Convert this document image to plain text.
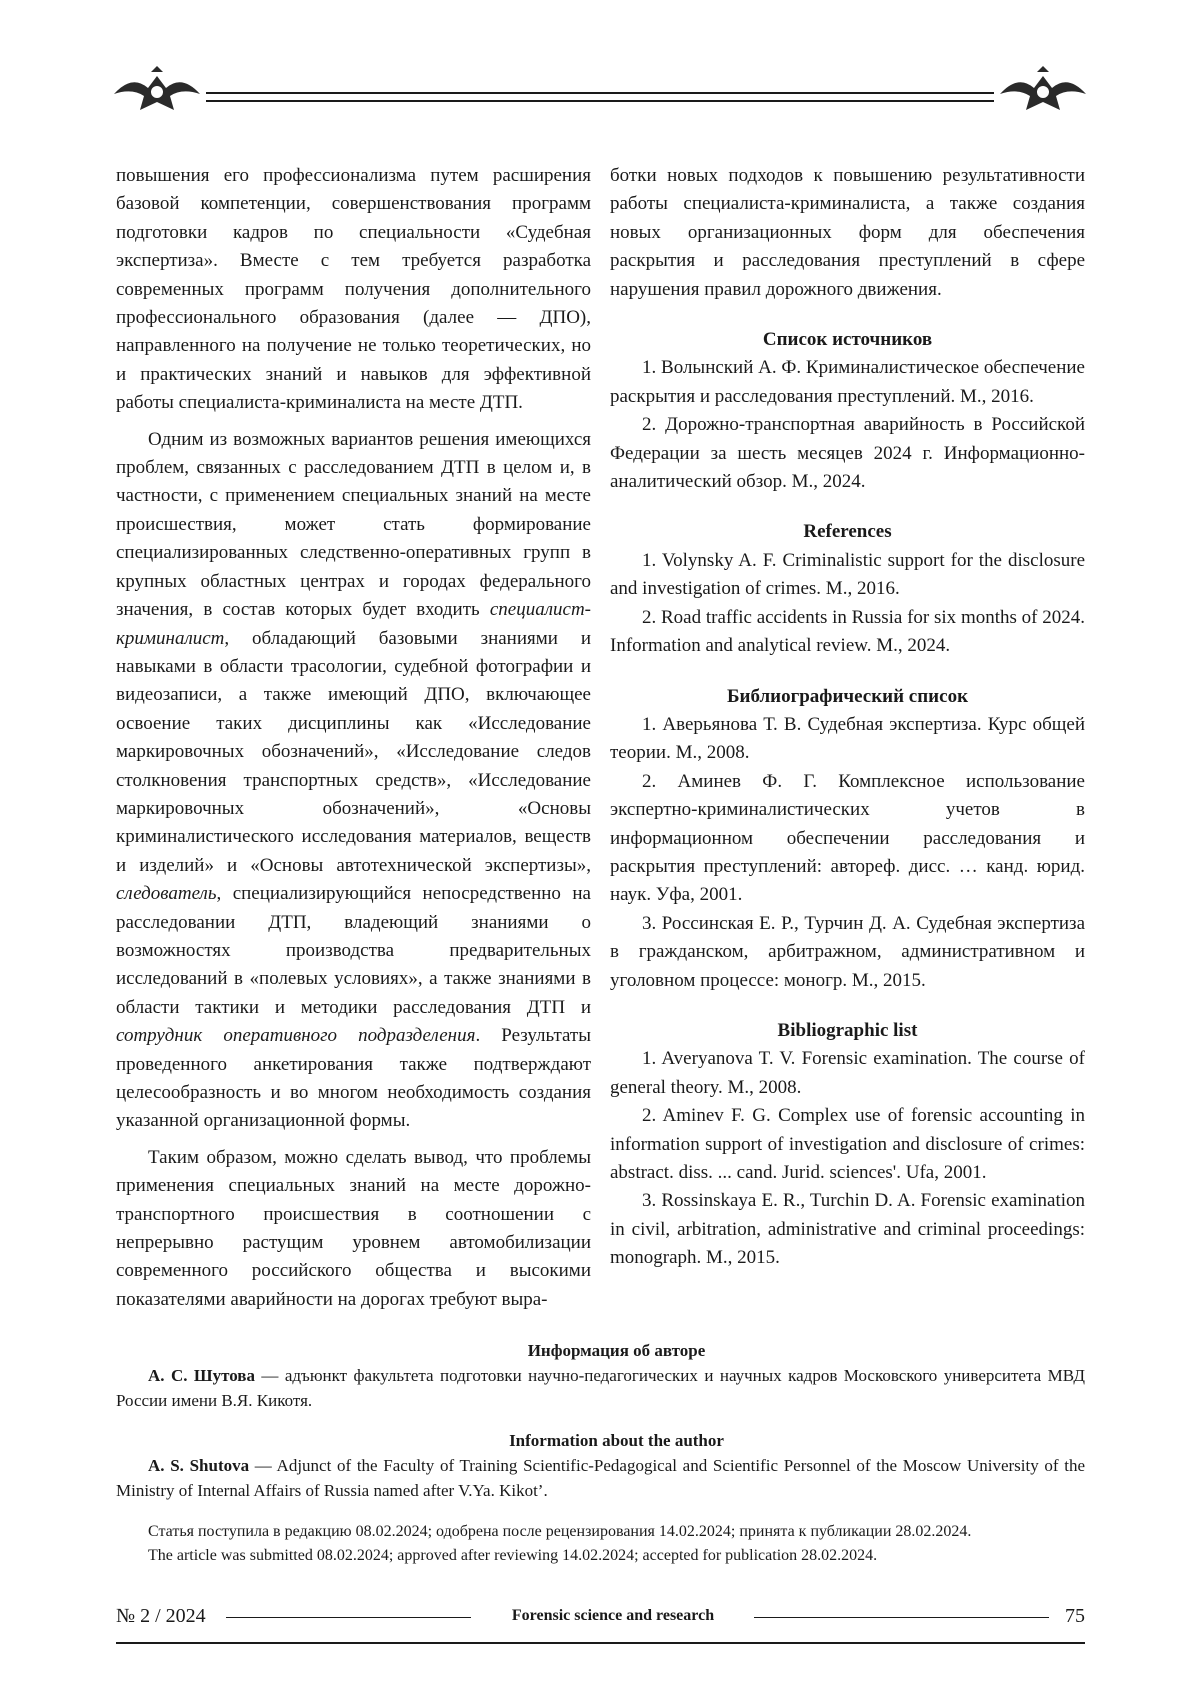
повышения его профессионализма путем расширения базовой компетенции, совершенствования программ подготовки кадров по специальности «Судебная экспертиза». Вместе с тем требуется разработка современных программ получения дополнительного профессионального образования (далее — ДПО), направленного на получение не только теоретических, но и практических знаний и навыков для эффективной работы специалиста-криминалиста на месте ДТП.

Одним из возможных вариантов решения имеющихся проблем, связанных с расследованием ДТП в целом и, в частности, с применением специальных знаний на месте происшествия, может стать формирование специализированных следственно-оперативных групп в крупных областных центрах и городах федерального значения, в состав которых будет входить специалист-криминалист, обладающий базовыми знаниями и навыками в области трасологии, судебной фотографии и видеозаписи, а также имеющий ДПО, включающее освоение таких дисциплины как «Исследование маркировочных обозначений», «Исследование следов столкновения транспортных средств», «Исследование маркировочных обозначений», «Основы криминалистического исследования материалов, веществ и изделий» и «Основы автотехнической экспертизы», следователь, специализирующийся непосредственно на расследовании ДТП, владеющий знаниями о возможностях производства предварительных исследований в «полевых условиях», а также знаниями в области тактики и методики расследования ДТП и сотрудник оперативного подразделения. Результаты проведенного анкетирования также подтверждают целесообразность и во многом необходимость создания указанной организационной формы.

Таким образом, можно сделать вывод, что проблемы применения специальных знаний на месте дорожно-транспортного происшествия в соотношении с непрерывно растущим уровнем автомобилизации современного российского общества и высокими показателями аварийности на дорогах требуют выра-

ботки новых подходов к повышению результативности работы специалиста-криминалиста, а также создания новых организационных форм для обеспечения раскрытия и расследования преступлений в сфере нарушения правил дорожного движения.

Список источников

1. Волынский А. Ф. Криминалистическое обеспечение раскрытия и расследования преступлений. М., 2016.

2. Дорожно-транспортная аварийность в Российской Федерации за шесть месяцев 2024 г. Информационно-аналитический обзор. М., 2024.

References

1. Volynsky A. F. Criminalistic support for the disclosure and investigation of crimes. M., 2016.

2. Road traffic accidents in Russia for six months of 2024. Information and analytical review. M., 2024.

Библиографический список

1. Аверьянова Т. В. Судебная экспертиза. Курс общей теории. М., 2008.

2. Аминев Ф. Г. Комплексное использование экспертно-криминалистических учетов в информационном обеспечении расследования и раскрытия преступлений: автореф. дисс. … канд. юрид. наук. Уфа, 2001.

3. Россинская Е. Р., Турчин Д. А. Судебная экспертиза в гражданском, арбитражном, административном и уголовном процессе: моногр. М., 2015.

Bibliographic list

1. Averyanova T. V. Forensic examination. The course of general theory. M., 2008.

2. Aminev F. G. Complex use of forensic accounting in information support of investigation and disclosure of crimes: abstract. diss. ... cand. Jurid. sciences'. Ufa, 2001.

3. Rossinskaya E. R., Turchin D. A. Forensic examination in civil, arbitration, administrative and criminal proceedings: monograph. M., 2015.

Информация об авторе

А. С. Шутова — адъюнкт факультета подготовки научно-педагогических и научных кадров Московского университета МВД России имени В.Я. Кикотя.

Information about the author

A. S. Shutova — Adjunct of the Faculty of Training Scientific-Pedagogical and Scientific Personnel of the Moscow University of the Ministry of Internal Affairs of Russia named after V.Ya. Kikot’.

Статья поступила в редакцию 08.02.2024; одобрена после рецензирования 14.02.2024; принята к публикации 28.02.2024.

The article was submitted 08.02.2024; approved after reviewing 14.02.2024; accepted for publication 28.02.2024.

№ 2 / 2024	Forensic science and research	75
